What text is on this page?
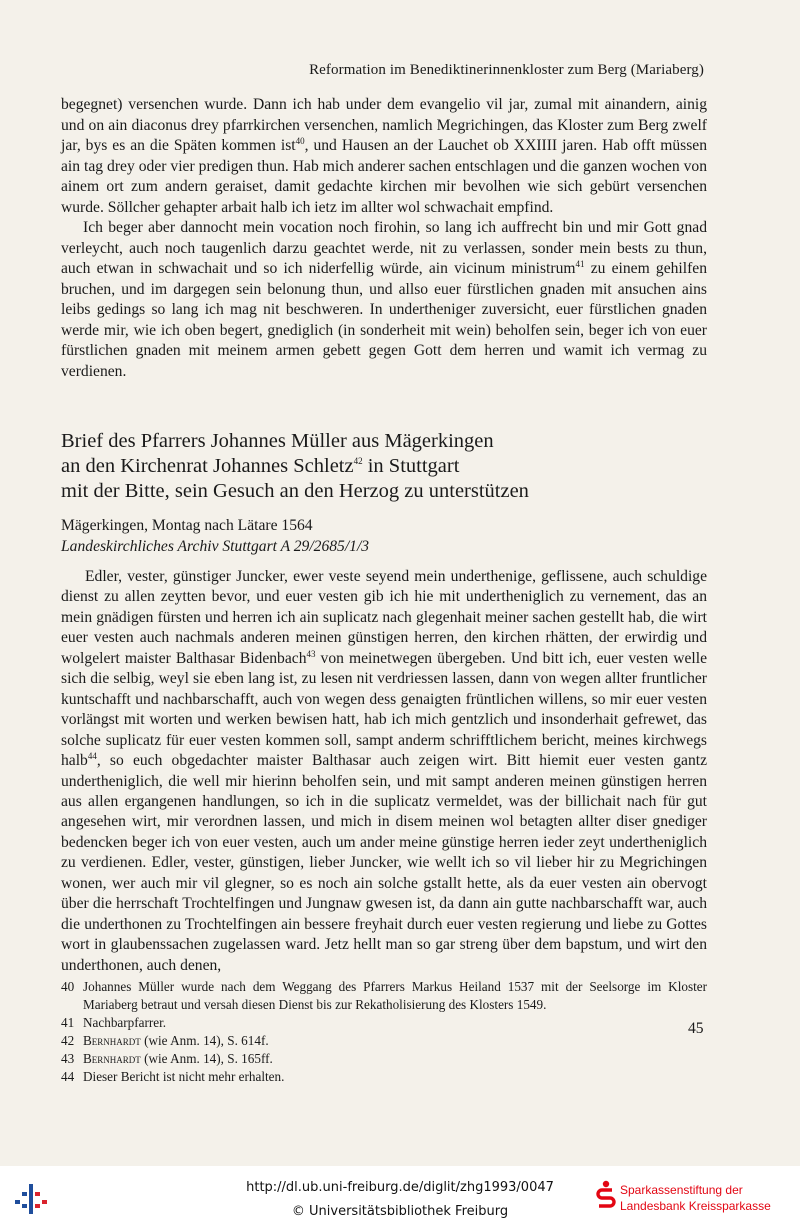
Reformation im Benediktinerinnenkloster zum Berg (Mariaberg)

begegnet) versenchen wurde. Dann ich hab under dem evangelio vil jar, zumal mit ainandern, ainig und on ain diaconus drey pfarrkirchen versenchen, namlich Megrichingen, das Kloster zum Berg zwelf jar, bys es an die Späten kommen ist$^{40}$, und Hausen an der Lauchet ob XXIIII jaren. Hab offt müssen ain tag drey oder vier predigen thun. Hab mich anderer sachen entschlagen und die ganzen wochen von ainem ort zum andern geraiset, damit gedachte kirchen mir bevolhen wie sich gebürt versenchen wurde. Söllcher gehapter arbait halb ich ietz im allter wol schwachait empfind.

Ich beger aber dannocht mein vocation noch firohin, so lang ich auffrecht bin und mir Gott gnad verleycht, auch noch taugenlich darzu geachtet werde, nit zu verlassen, sonder mein bests zu thun, auch etwan in schwachait und so ich niderfellig würde, ain vicinum ministrum$^{41}$ zu einem gehilfen bruchen, und im dargegen sein belonung thun, und allso euer fürstlichen gnaden mit ansuchen ains leibs gedings so lang ich mag nit beschweren. In undertheniger zuversicht, euer fürstlichen gnaden werde mir, wie ich oben begert, gnediglich (in sonderheit mit wein) beholfen sein, beger ich von euer fürstlichen gnaden mit meinem armen gebett gegen Gott dem herren und wamit ich vermag zu verdienen.

Brief des Pfarrers Johannes Müller aus Mägerkingen
an den Kirchenrat Johannes Schletz$^{42}$ in Stuttgart
mit der Bitte, sein Gesuch an den Herzog zu unterstützen
Mägerkingen, Montag nach Lätare 1564
Landeskirchliches Archiv Stuttgart A 29/2685/1/3

Edler, vester, günstiger Juncker, ewer veste seyend mein underthenige, geflissene, auch schuldige dienst zu allen zeytten bevor, und euer vesten gib ich hie mit undertheniglich zu vernement, das an mein gnädigen fürsten und herren ich ain suplicatz nach glegenhait meiner sachen gestellt hab, die wirt euer vesten auch nachmals anderen meinen günstigen herren, den kirchen rhätten, der erwirdig und wolgelert maister Balthasar Bidenbach$^{43}$ von meinetwegen übergeben. Und bitt ich, euer vesten welle sich die selbig, weyl sie eben lang ist, zu lesen nit verdriessen lassen, dann von wegen allter fruntlicher kuntschafft und nachbarschafft, auch von wegen dess genaigten früntlichen willens, so mir euer vesten vorlängst mit worten und werken bewisen hatt, hab ich mich gentzlich und insonderhait gefrewet, das solche suplicatz für euer vesten kommen soll, sampt anderm schrifftlichem bericht, meines kirchwegs halb$^{44}$, so euch obgedachter maister Balthasar auch zeigen wirt. Bitt hiemit euer vesten gantz undertheniglich, die well mir hierinn beholfen sein, und mit sampt anderen meinen günstigen herren aus allen ergangenen handlungen, so ich in die suplicatz vermeldet, was der billichait nach für gut angesehen wirt, mir verordnen lassen, und mich in disem meinen wol betagten allter diser gnediger bedencken beger ich von euer vesten, auch um ander meine günstige herren ieder zeyt undertheniglich zu verdienen. Edler, vester, günstigen, lieber Juncker, wie wellt ich so vil lieber hir zu Megrichingen wonen, wer auch mir vil glegner, so es noch ain solche gstallt hette, als da euer vesten ain obervogt über die herrschaft Trochtelfingen und Jungnaw gwesen ist, da dann ain gutte nachbarschafft war, auch die underthonen zu Trochtelfingen ain bessere freyhait durch euer vesten regierung und liebe zu Gottes wort in glaubenssachen zugelassen ward. Jetz hellt man so gar streng über dem bapstum, und wirt den underthonen, auch denen,

40 Johannes Müller wurde nach dem Weggang des Pfarrers Markus Heiland 1537 mit der Seelsorge im Kloster Mariaberg betraut und versah diesen Dienst bis zur Rekatholisierung des Klosters 1549.
41 Nachbarpfarrer.
42 Bernhardt (wie Anm. 14), S. 614f.
43 Bernhardt (wie Anm. 14), S. 165ff.
44 Dieser Bericht ist nicht mehr erhalten.
45
http://dl.ub.uni-freiburg.de/diglit/zhg1993/0047
© Universitätsbibliothek Freiburg
Sparkassenstiftung der
Landesbank Kreissparkasse
